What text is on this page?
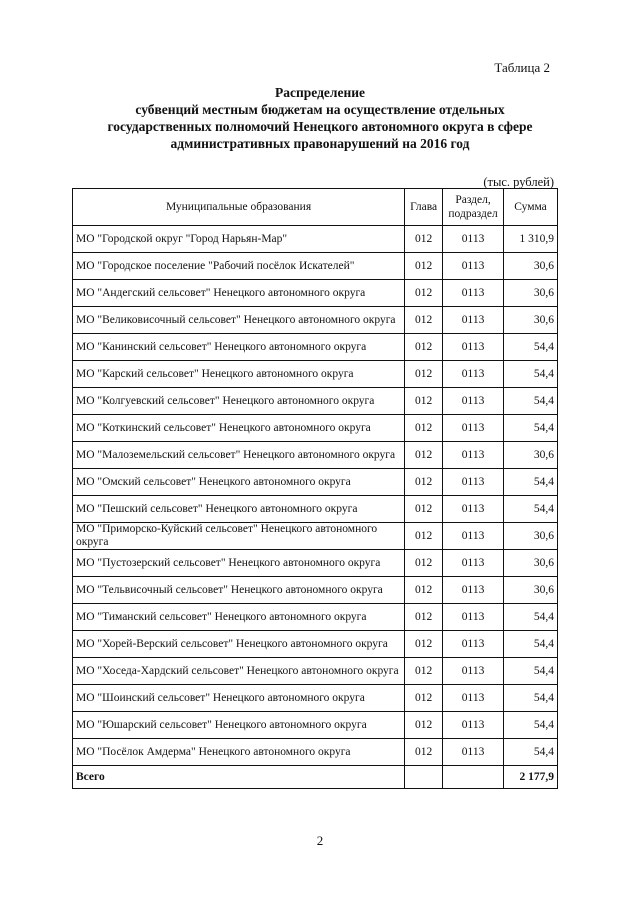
Таблица 2
Распределение
субвенций местным бюджетам на осуществление отдельных
государственных полномочий Ненецкого автономного округа в сфере
административных правонарушений на 2016 год
(тыс. рублей)
Муниципальные образования	Глава	Раздел, подраздел	Сумма
МО "Городской округ "Город Нарьян-Мар"	012	0113	1 310,9
МО "Городское поселение "Рабочий посёлок Искателей"	012	0113	30,6
МО "Андегский сельсовет" Ненецкого автономного округа	012	0113	30,6
МО "Великовисочный сельсовет" Ненецкого автономного округа	012	0113	30,6
МО "Канинский сельсовет" Ненецкого автономного округа	012	0113	54,4
МО "Карский сельсовет" Ненецкого автономного округа	012	0113	54,4
МО "Колгуевский сельсовет" Ненецкого автономного округа	012	0113	54,4
МО "Коткинский сельсовет" Ненецкого автономного округа	012	0113	54,4
МО "Малоземельский сельсовет" Ненецкого автономного округа	012	0113	30,6
МО "Омский сельсовет" Ненецкого автономного округа	012	0113	54,4
МО "Пешский сельсовет" Ненецкого автономного округа	012	0113	54,4
МО "Приморско-Куйский сельсовет" Ненецкого автономного округа	012	0113	30,6
МО "Пустозерский сельсовет" Ненецкого автономного округа	012	0113	30,6
МО "Тельвисочный сельсовет" Ненецкого автономного округа	012	0113	30,6
МО "Тиманский сельсовет" Ненецкого автономного округа	012	0113	54,4
МО "Хорей-Верский сельсовет" Ненецкого автономного округа	012	0113	54,4
МО "Хоседа-Хардский сельсовет" Ненецкого автономного округа	012	0113	54,4
МО "Шоинский сельсовет" Ненецкого автономного округа	012	0113	54,4
МО "Юшарский сельсовет" Ненецкого автономного округа	012	0113	54,4
МО "Посёлок Амдерма" Ненецкого автономного округа	012	0113	54,4
Всего			2 177,9
2
